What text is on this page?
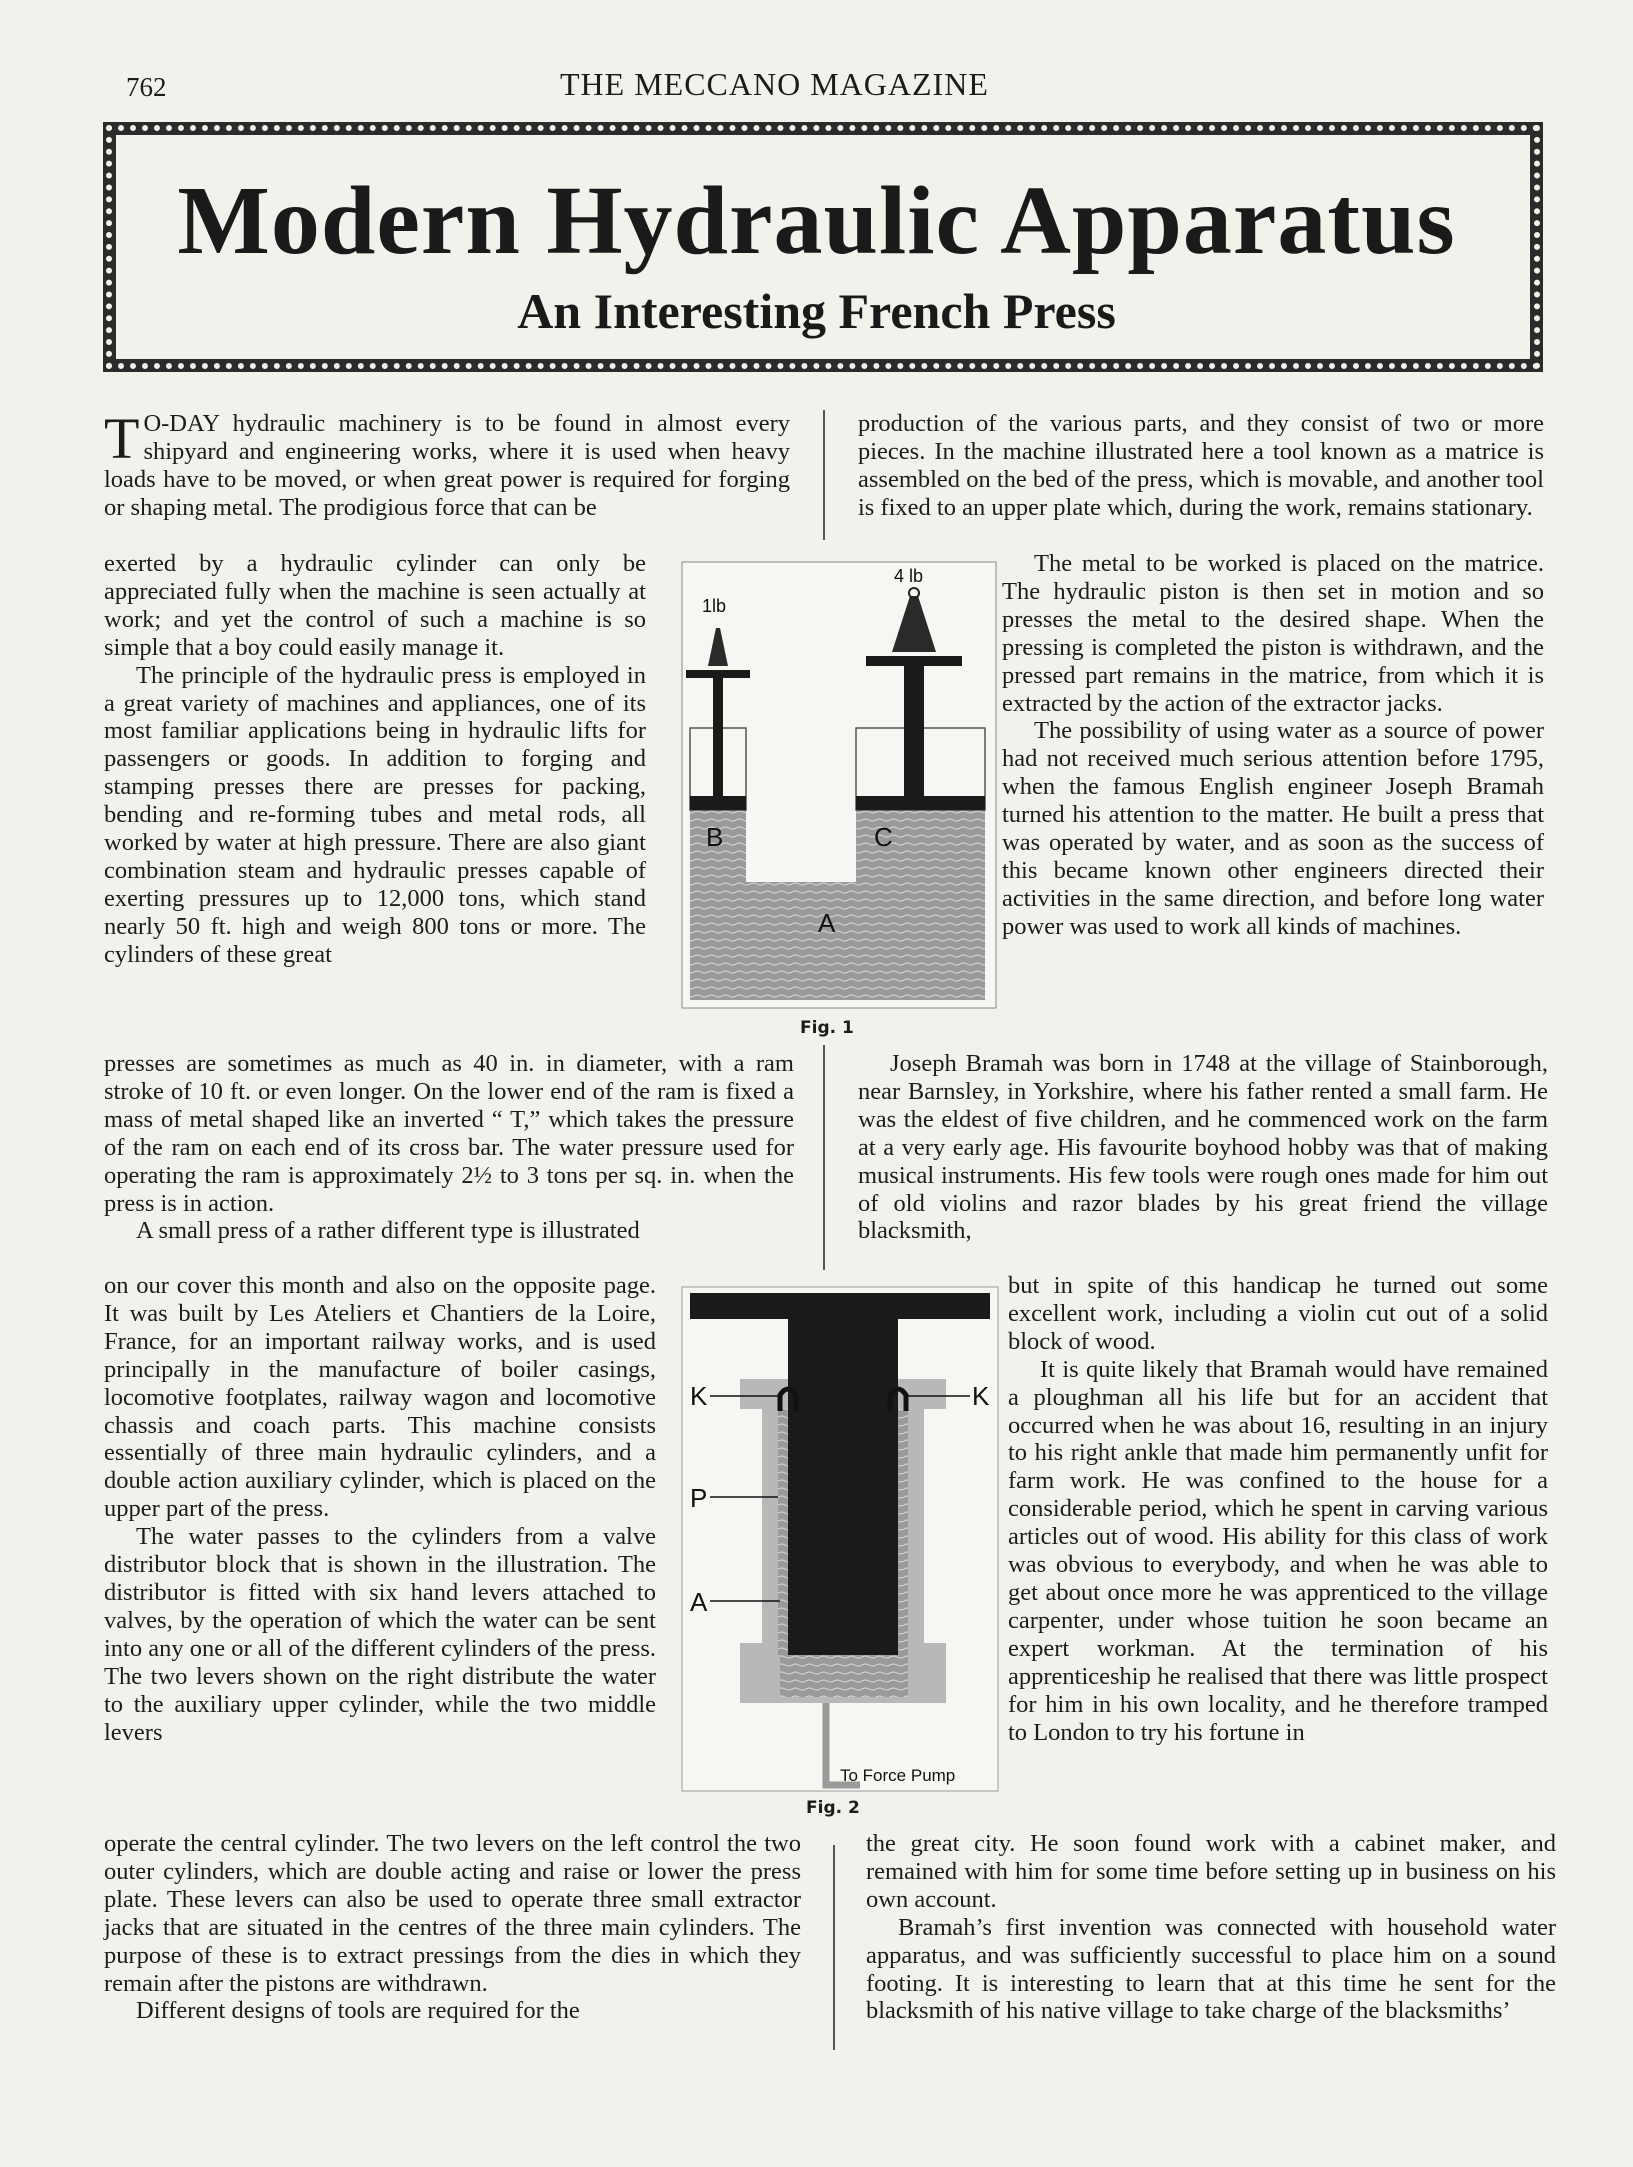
762	THE MECCANO MAGAZINE
Modern Hydraulic Apparatus
An Interesting French Press

T O-DAY hydraulic machinery is to be found in almost every shipyard and engineering works, where it is used when heavy loads have to be moved, or when great power is required for forging or shaping metal. The prodigious force that can be

exerted by a hydraulic cylinder can only be appreciated fully when the machine is seen actually at work; and yet the control of such a machine is so simple that a boy could easily manage it.

The principle of the hydraulic press is employed in a great variety of machines and appliances, one of its most familiar applications being in hydraulic lifts for passengers or goods. In addition to forging and stamping presses there are presses for packing, bending and re-forming tubes and metal rods, all worked by water at high pressure. There are also giant combination steam and hydraulic presses capable of exerting pressures up to 12,000 tons, which stand nearly 50 ft. high and weigh 800 tons or more. The cylinders of these great

presses are sometimes as much as 40 in. in diameter, with a ram stroke of 10 ft. or even longer. On the lower end of the ram is fixed a mass of metal shaped like an inverted “ T,” which takes the pressure of the ram on each end of its cross bar. The water pressure used for operating the ram is approximately 2½ to 3 tons per sq. in. when the press is in action.

A small press of a rather different type is illustrated

on our cover this month and also on the opposite page. It was built by Les Ateliers et Chantiers de la Loire, France, for an important railway works, and is used principally in the manufacture of boiler casings, locomotive footplates, railway wagon and locomotive chassis and coach parts. This machine consists essentially of three main hydraulic cylinders, and a double action auxiliary cylinder, which is placed on the upper part of the press.

The water passes to the cylinders from a valve distributor block that is shown in the illustration. The distributor is fitted with six hand levers attached to valves, by the operation of which the water can be sent into any one or all of the different cylinders of the press. The two levers shown on the right distribute the water to the auxiliary upper cylinder, while the two middle levers

operate the central cylinder. The two levers on the left control the two outer cylinders, which are double acting and raise or lower the press plate. These levers can also be used to operate three small extractor jacks that are situated in the centres of the three main cylinders. The purpose of these is to extract pressings from the dies in which they remain after the pistons are withdrawn.

Different designs of tools are required for the

production of the various parts, and they consist of two or more pieces. In the machine illustrated here a tool known as a matrice is assembled on the bed of the press, which is movable, and another tool is fixed to an upper plate which, during the work, remains stationary.

The metal to be worked is placed on the matrice. The hydraulic piston is then set in motion and so presses the metal to the desired shape. When the pressing is completed the piston is withdrawn, and the pressed part remains in the matrice, from which it is extracted by the action of the extractor jacks.

The possibility of using water as a source of power had not received much serious attention before 1795, when the famous English engineer Joseph Bramah turned his attention to the matter. He built a press that was operated by water, and as soon as the success of this became known other engineers directed their activities in the same direction, and before long water power was used to work all kinds of machines.

Joseph Bramah was born in 1748 at the village of Stainborough, near Barnsley, in Yorkshire, where his father rented a small farm. He was the eldest of five children, and he commenced work on the farm at a very early age. His favourite boyhood hobby was that of making musical instruments. His few tools were rough ones made for him out of old violins and razor blades by his great friend the village blacksmith,

but in spite of this handicap he turned out some excellent work, including a violin cut out of a solid block of wood.

It is quite likely that Bramah would have remained a ploughman all his life but for an accident that occurred when he was about 16, resulting in an injury to his right ankle that made him permanently unfit for farm work. He was confined to the house for a considerable period, which he spent in carving various articles out of wood. His ability for this class of work was obvious to everybody, and when he was able to get about once more he was apprenticed to the village carpenter, under whose tuition he soon became an expert workman. At the termination of his apprenticeship he realised that there was little prospect for him in his own locality, and he therefore tramped to London to try his fortune in

the great city. He soon found work with a cabinet maker, and remained with him for some time before setting up in business on his own account.

Bramah’s first invention was connected with household water apparatus, and was sufficiently successful to place him on a sound footing. It is interesting to learn that at this time he sent for the blacksmith of his native village to take charge of the blacksmiths’

1lb
4 lb
B	C
A
Fig. 1
K	K
P
A
To Force Pump
Fig. 2
